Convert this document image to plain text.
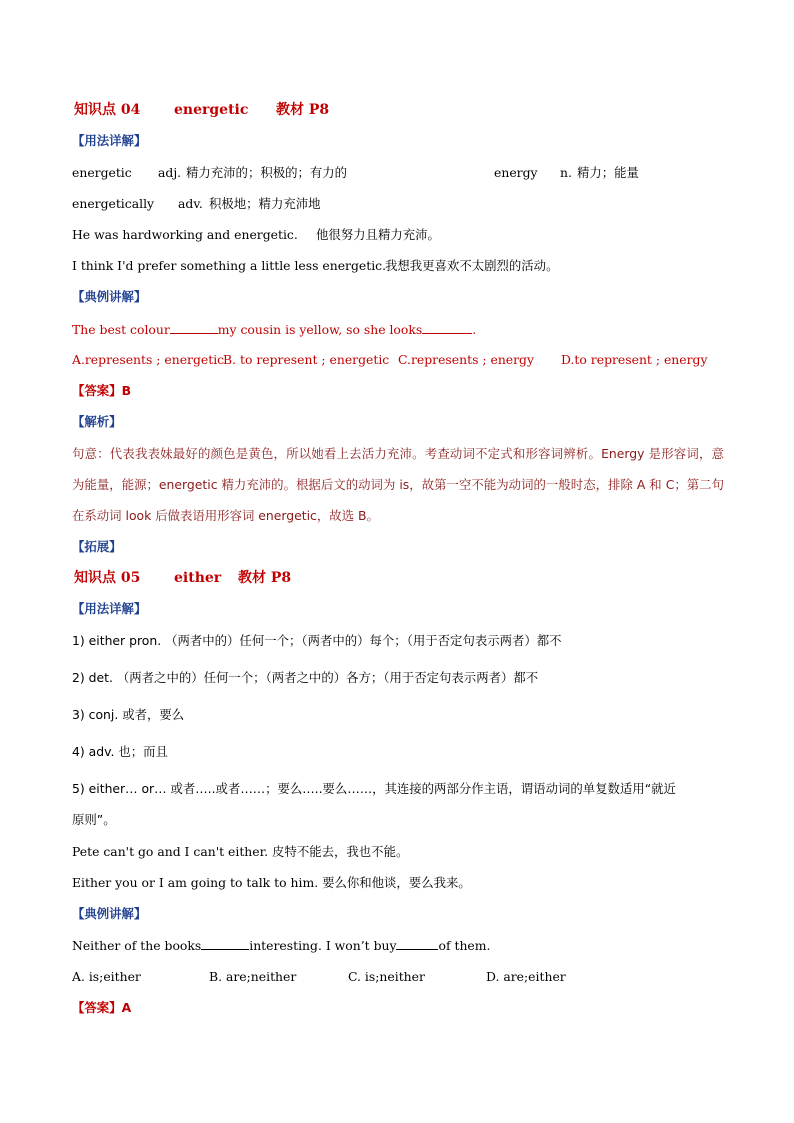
知识点 04 energetic 教材 P8
【用法详解】
energetic adj. 精力充沛的；积极的；有力的	energy n. 精力；能量
energetically adv. 积极地；精力充沛地
He was hardworking and energetic. 他很努力且精力充沛。
I think I'd prefer something a little less energetic.
我想我更喜欢不太剧烈的活动。
【典例讲解】
The best colour	my cousin is yellow, so she looks	.
A.represents ; energetic
B. to represent ; energetic C.represents ; energy D.to represent ; energy
【答案】B
【解析】
句意：代表我表妹最好的颜色是黄色，所以她看上去活力充沛。考查动词不定式和形容词辨析。Energy 是形容词，意为能量，能源；energetic 精力充沛的。根据后文的动词为 is，故第一空不能为动词的一般时态，排除 A 和 C；第二句在系动词 look 后做表语用形容词 energetic，故选 B。
【拓展】
知识点 05 either 教材 P8
【用法详解】
1) either pron. （两者中的）任何一个；（两者中的）每个；（用于否定句表示两者）都不
2) det. （两者之中的）任何一个；（两者之中的）各方；（用于否定句表示两者）都不
3) conj. 或者，要么
4) adv. 也；而且
5) either… or… 或者…..或者……；要么…..要么……，其连接的两部分作主语，谓语动词的单复数适用“就近
原则”。
Pete can't go and I can't either. 皮特不能去，我也不能。
Either you or I am going to talk to him. 要么你和他谈，要么我来。
【典例讲解】
Neither of the books	interesting. I won’t buy	of them.
A. is;either	B. are;neither	C. is;neither	D. are;either
【答案】A
